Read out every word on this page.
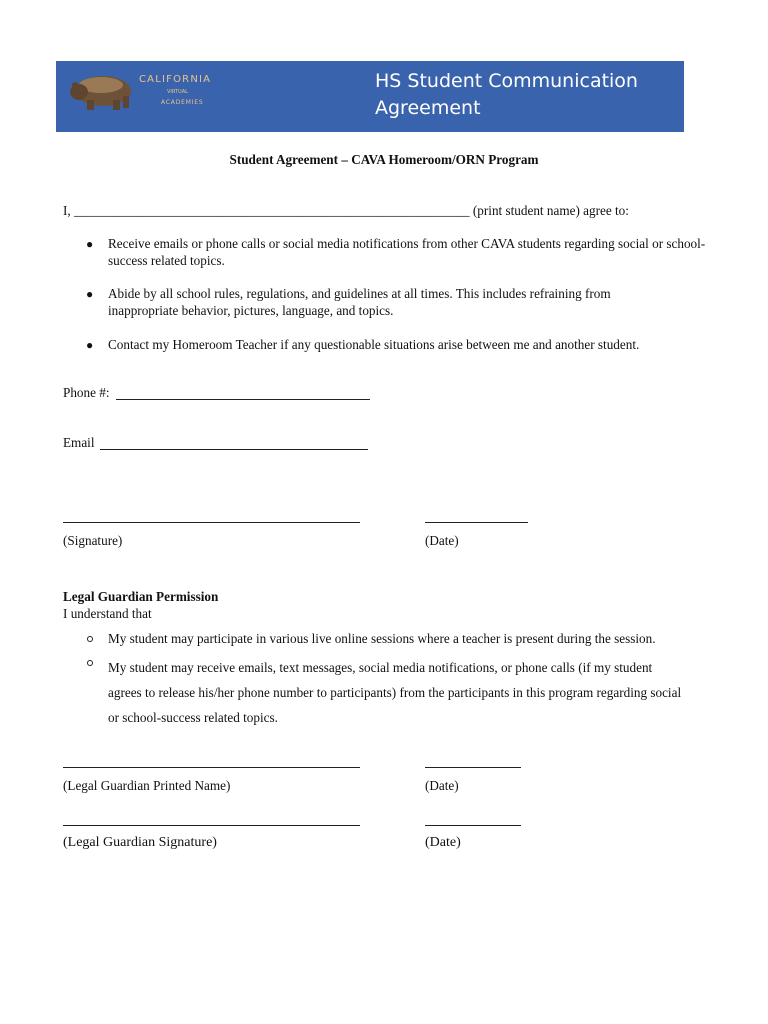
CALIFORNIA
VIRTUAL
ACADEMIES
HS Student Communication
Agreement
Student Agreement – CAVA Homeroom/ORN Program
I, ____________________________________________________________ (print student name) agree to:
● Receive emails or phone calls or social media notifications from other CAVA students regarding social or school-success related topics.
● Abide by all school rules, regulations, and guidelines at all times. This includes refraining from inappropriate behavior, pictures, language, and topics.
● Contact my Homeroom Teacher if any questionable situations arise between me and another student.
Phone #:
Email
(Signature)	(Date)
Legal Guardian Permission
I understand that
My student may participate in various live online sessions where a teacher is present during the session.
My student may receive emails, text messages, social media notifications, or phone calls (if my student agrees to release his/her phone number to participants) from the participants in this program regarding social or school-success related topics.
(Legal Guardian Printed Name)	(Date)
(Legal Guardian Signature)	(Date)
